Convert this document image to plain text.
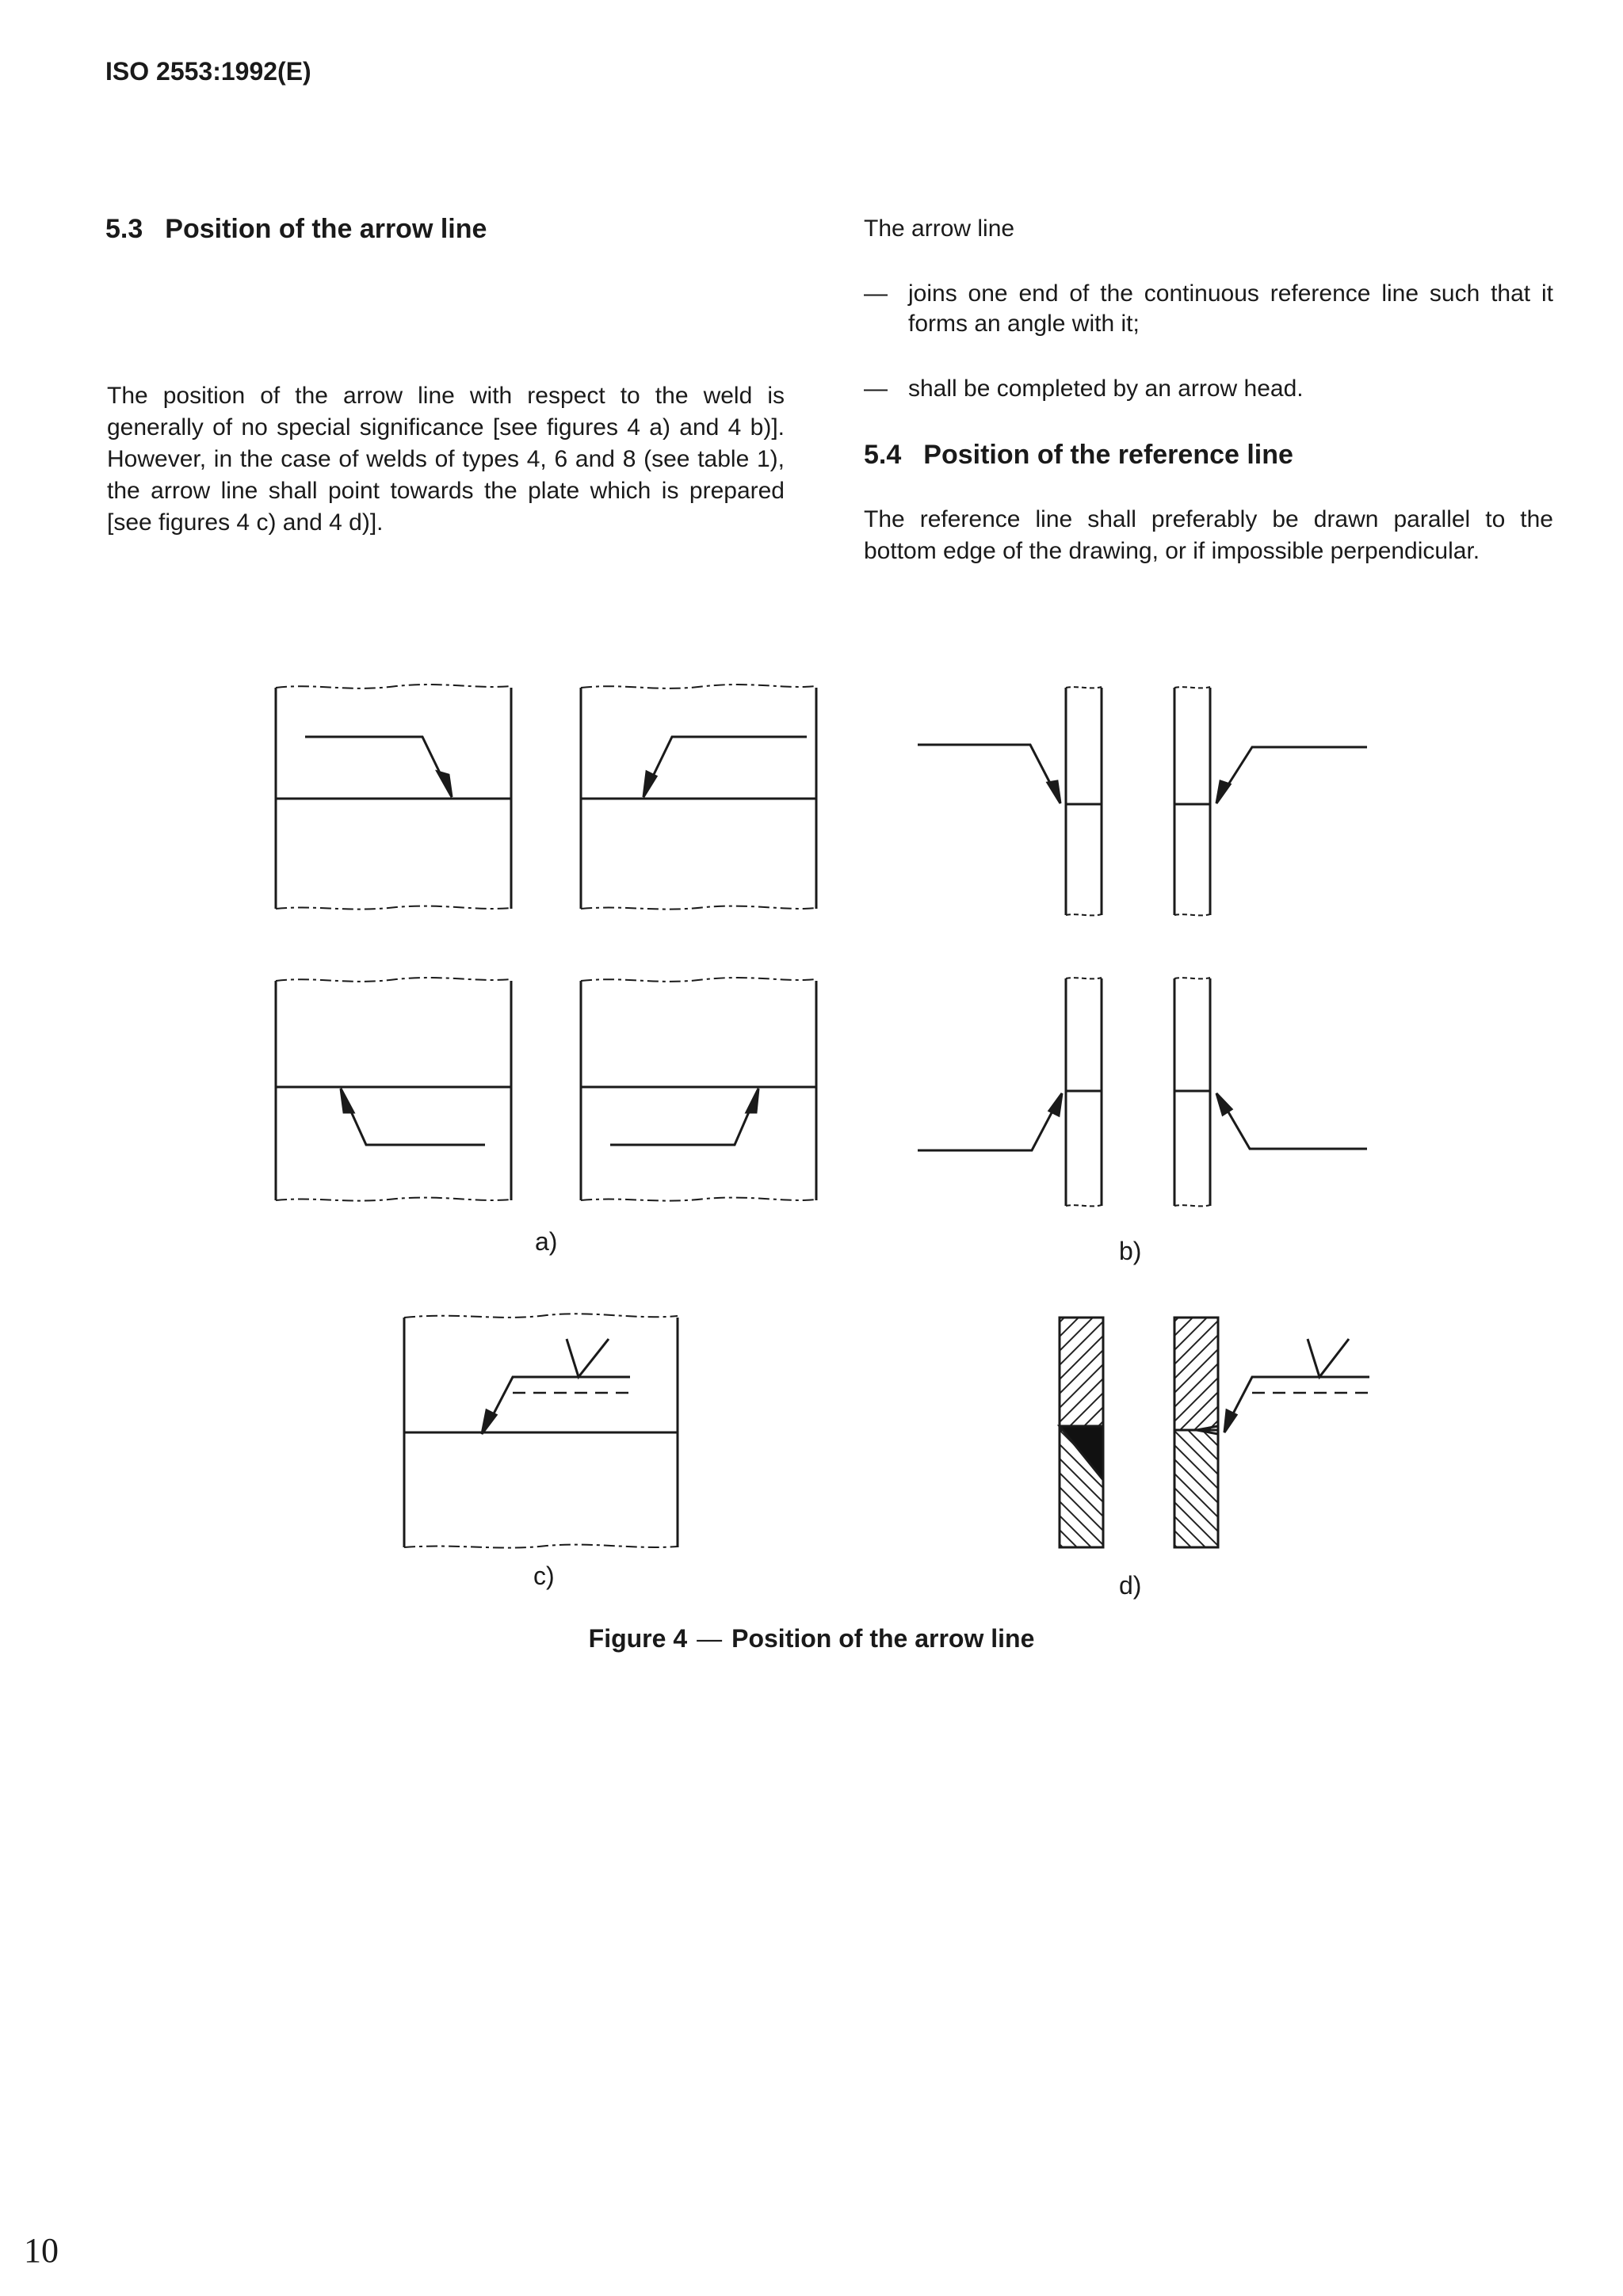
ISO 2553:1992(E)
5.3 Position of the arrow line
The position of the arrow line with respect to the weld is generally of no special significance [see figures 4 a) and 4 b)]. However, in the case of welds of types 4, 6 and 8 (see table 1), the arrow line shall point towards the plate which is prepared [see figures 4 c) and 4 d)].
The arrow line
— joins one end of the continuous reference line such that it forms an angle with it;
— shall be completed by an arrow head.
5.4 Position of the reference line
The reference line shall preferably be drawn parallel to the bottom edge of the drawing, or if impossible perpendicular.
a)	b)
c)	d)
Figure 4 — Position of the arrow line
10
